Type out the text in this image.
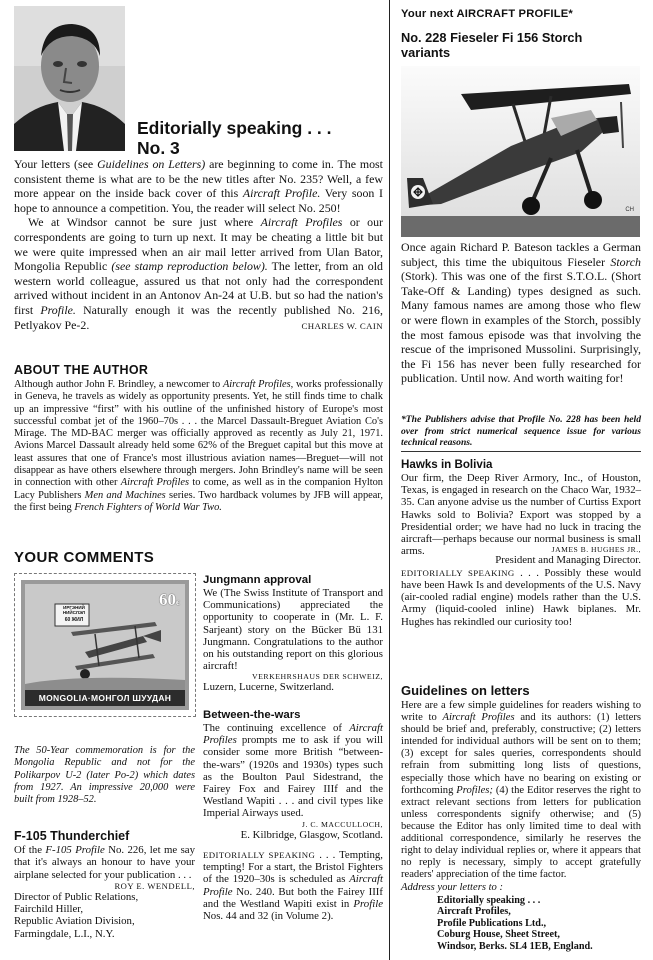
Editorially speaking . . .
No. 3

Your letters (see Guidelines on Letters) are beginning to come in. The most consistent theme is what are to be the new titles after No. 235? Well, a few more appear on the inside back cover of this Aircraft Profile. Very soon I hope to announce a competition. You, the reader will select No. 250!

We at Windsor cannot be sure just where Aircraft Profiles or our correspondents are going to turn up next. It may be cheating a little bit but we were quite impressed when an air mail letter arrived from Ulan Bator, Mongolia Republic (see stamp reproduction below). The letter, from an old western world colleague, assured us that not only had the correspondent arrived without incident in an Antonov An-24 at U.B. but so had the nation's first Profile. Naturally enough it was the recently published No. 216, Petlyakov Pe-2.	CHARLES W. CAIN

ABOUT THE AUTHOR

Although author John F. Brindley, a newcomer to Aircraft Profiles, works professionally in Geneva, he travels as widely as opportunity presents. Yet, he still finds time to chalk up an impressive “first” with his outline of the unfinished history of Europe's most successful combat jet of the 1960–70s . . . the Marcel Dassault-Breguet Aviation Co's Mirage. The MD-BAC merger was officially approved as recently as July 21, 1971. Avions Marcel Dassault already held some 62% of the Breguet capital but this move at least assures that one of France's most illustrious aviation names—Breguet—will not disappear as have others elsewhere through mergers. John Brindley's name will be seen in connection with other Aircraft Profiles to come, as well as in the companion Hylton Lacy Publishers Men and Machines series. Two hardback volumes by JFB will appear, the first being French Fighters of World War Two.

YOUR COMMENTS
ИРГЭНИЙ НИЙСЛЭЛ
60 ЖИЛ
60ϵ
MONGOLIA·МОНГОЛ ШУУДАН

The 50-Year commemoration is for the Mongolia Republic and not for the Polikarpov U-2 (later Po-2) which dates from 1927. An impressive 20,000 were built from 1928–52.

F-105 Thunderchief

Of the F-105 Profile No. 226, let me say that it's always an honour to have your airplane selected for your publication . . .

ROY E. WENDELL,

Director of Public Relations,
Fairchild Hiller,
Republic Aviation Division,
Farmingdale, L.I., N.Y.
Jungmann approval

We (The Swiss Institute of Transport and Communications) appreciated the opportunity to cooperate in (Mr. L. F. Sarjeant) story on the Bücker Bü 131 Jungmann. Congratulations to the author on his outstanding report on this glorious aircraft!

VERKEHRSHAUS DER SCHWEIZ,

Luzern, Lucerne, Switzerland.

Between-the-wars

The continuing excellence of Aircraft Profiles prompts me to ask if you will consider some more British “between-the-wars” (1920s and 1930s) types such as the Boulton Paul Sidestrand, the Fairey Fox and Fairey IIIf and the Westland Wapiti . . . and civil types like Imperial Airways used.

J. C. MACCULLOCH,

E. Kilbridge, Glasgow, Scotland.

EDITORIALLY SPEAKING . . . Tempting, tempting! For a start, the Bristol Fighters of the 1920–30s is scheduled as Aircraft Profile No. 240. But both the Fairey IIIf and the Westland Wapiti exist in Profile Nos. 44 and 32 (in Volume 2).

Your next AIRCRAFT PROFILE*
No. 228 Fieseler Fi 156 Storch
variants
CH

Once again Richard P. Bateson tackles a German subject, this time the ubiquitous Fieseler Storch (Stork). This was one of the first S.T.O.L. (Short Take-Off & Landing) types designed as such. Many famous names are among those who flew or were flown in examples of the Storch, possibly the most famous episode was that involving the rescue of the imprisoned Mussolini. Surprisingly, the Fi 156 has never been fully researched for publication. Until now. And worth waiting for!

*The Publishers advise that Profile No. 228 has been held over from strict numerical sequence issue for various technical reasons.

Hawks in Bolivia

Our firm, the Deep River Armory, Inc., of Houston, Texas, is engaged in research on the Chaco War, 1932–35. Can anyone advise us the number of Curtiss Export Hawks sold to Bolivia? Export was stopped by a Presidential order; we have had no luck in tracing the aircraft—perhaps because our normal business is small arms.	JAMES B. HUGHES JR.,

President and Managing Director.

EDITORIALLY SPEAKING . . . Possibly these would have been Hawk Is and developments of the U.S. Navy (air-cooled radial engine) models rather than the U.S. Army (liquid-cooled inline) Hawk biplanes. Mr. Hughes has rekindled our curiosity too!

Guidelines on letters

Here are a few simple guidelines for readers wishing to write to Aircraft Profiles and its authors: (1) letters should be brief and, preferably, constructive; (2) letters intended for individual authors will be sent on to them; (3) except for sales queries, correspondents should refrain from submitting long lists of questions, especially those which have no bearing on existing or forthcoming Profiles; (4) the Editor reserves the right to extract relevant sections from letters for publication unless correspondents signify otherwise; and (5) because the Editor has only limited time to deal with additional correspondence, similarly he reserves the right to delay individual replies or, where it appears that no reply is necessary, simply to accept gratefully readers' appreciation of the time factor.

Address your letters to :

Editorially speaking . . .
Aircraft Profiles,
Profile Publications Ltd.,
Coburg House, Sheet Street,
Windsor, Berks. SL4 1EB, England.
